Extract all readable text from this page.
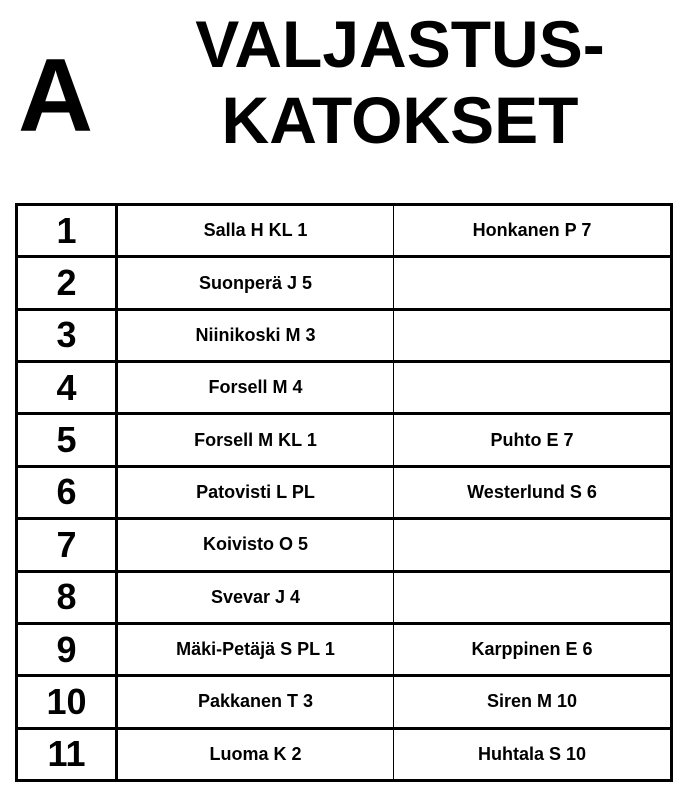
A	VALJASTUS-
KATOKSET
1	Salla H KL 1	Honkanen P 7
2	Suonperä J 5	
3	Niinikoski M 3	
4	Forsell M 4	
5	Forsell M KL 1	Puhto E 7
6	Patovisti L PL	Westerlund S 6
7	Koivisto O 5	
8	Svevar J 4	
9	Mäki-Petäjä S PL 1	Karppinen E 6
10	Pakkanen T 3	Siren M 10
11	Luoma K 2	Huhtala S 10
